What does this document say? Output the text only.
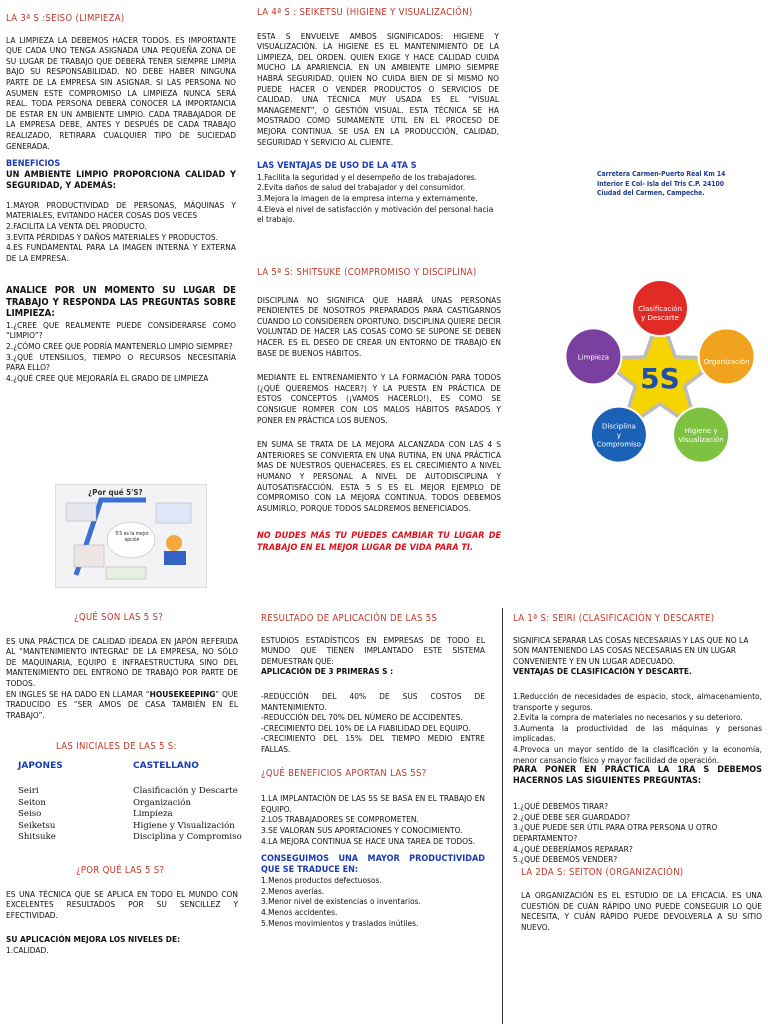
LA 3ª S :SEISO (LIMPIEZA)

LA LIMPIEZA LA DEBEMOS HACER TODOS. ES IMPORTANTE QUE CADA UNO TENGA ASIGNADA UNA PEQUEÑA ZONA DE SU LUGAR DE TRABAJO QUE DEBERÁ TENER SIEMPRE LIMPIA BAJO SU RESPONSABILIDAD. NO DEBE HABER NINGUNA PARTE DE LA EMPRESA SIN ASIGNAR. SI LAS PERSONA NO ASUMEN ESTE COMPROMISO LA LIMPIEZA NUNCA SERÁ REAL. TODA PERSONA DEBERÁ CONOCER LA IMPORTANCIA DE ESTAR EN UN AMBIENTE LIMPIO. CADA TRABAJADOR DE LA EMPRESA DEBE, ANTES Y DESPUÉS DE CADA TRABAJO REALIZADO, RETIRARA CUALQUIER TIPO DE SUCIEDAD GENERADA.

BENEFICIOS

UN AMBIENTE LIMPIO PROPORCIONA CALIDAD Y SEGURIDAD, Y ADEMÁS:

1.MAYOR PRODUCTIVIDAD DE PERSONAS, MÁQUINAS Y MATERIALES, EVITANDO HACER COSAS DOS VECES

2.FACILITA LA VENTA DEL PRODUCTO.

3.EVITA PÉRDIDAS Y DAÑOS MATERIALES Y PRODUCTOS.

4.ES FUNDAMENTAL PARA LA IMAGEN INTERNA Y EXTERNA DE LA EMPRESA.

ANALICE POR UN MOMENTO SU LUGAR DE TRABAJO Y RESPONDA LAS PREGUNTAS SOBRE LIMPIEZA:

1.¿CREE QUE REALMENTE PUEDE CONSIDERARSE COMO “LIMPIO”?

2.¿CÓMO CREE QUE PODRÍA MANTENERLO LIMPIO SIEMPRE?

3.¿QUÉ UTENSILIOS, TIEMPO O RECURSOS NECESITARÍA PARA ELLO?

4.¿QUÉ CREE QUE MEJORARÍA EL GRADO DE LIMPIEZA

¿Por qué 5'S?
5'S es la mejor opción
LA 4ª S : SEIKETSU (HIGIENE Y VISUALIZACIÓN)

ESTA S ENVUELVE AMBOS SIGNIFICADOS: HIGIENE Y VISUALIZACIÓN. LA HIGIENE ES EL MANTENIMIENTO DE LA LIMPIEZA, DEL ORDEN. QUIEN EXIGE Y HACE CALIDAD CUIDA MUCHO LA APARIENCIA. EN UN AMBIENTE LIMPIO SIEMPRE HABRÁ SEGURIDAD. QUIEN NO CUIDA BIEN DE SÍ MISMO NO PUEDE HACER O VENDER PRODUCTOS O SERVICIOS DE CALIDAD. UNA TÉCNICA MUY USADA ES EL “VISUAL MANAGEMENT”, O GESTIÓN VISUAL. ESTA TÉCNICA SE HA MOSTRADO COMO SUMAMENTE ÚTIL EN EL PROCESO DE MEJORA CONTINUA. SE USA EN LA PRODUCCIÓN, CALIDAD, SEGURIDAD Y SERVICIO AL CLIENTE.

LAS VENTAJAS DE USO DE LA 4TA S

1.Facilita la seguridad y el desempeño de los trabajadores.

2.Evita daños de salud del trabajador y del consumidor.

3.Mejora la imagen de la empresa interna y externamente.

4.Eleva el nivel de satisfacción y motivación del personal hacia el trabajo.

LA 5ª S: SHITSUKE (COMPROMISO Y DISCIPLINA)

DISCIPLINA NO SIGNIFICA QUE HABRÁ UNAS PERSONAS PENDIENTES DE NOSOTROS PREPARADOS PARA CASTIGARNOS CUANDO LO CONSIDEREN OPORTUNO. DISCIPLINA QUIERE DECIR VOLUNTAD DE HACER LAS COSAS COMO SE SUPONE SE DEBEN HACER. ES EL DESEO DE CREAR UN ENTORNO DE TRABAJO EN BASE DE BUENOS HÁBITOS.

MEDIANTE EL ENTRENAMIENTO Y LA FORMACIÓN PARA TODOS (¿QUÉ QUEREMOS HACER?) Y LA PUESTA EN PRÁCTICA DE ESTOS CONCEPTOS (¡VAMOS HACERLO!), ES COMO SE CONSIGUE ROMPER CON LOS MALOS HÁBITOS PASADOS Y PONER EN PRÁCTICA LOS BUENOS.

EN SUMA SE TRATA DE LA MEJORA ALCANZADA CON LAS 4 S ANTERIORES SE CONVIERTA EN UNA RUTINA, EN UNA PRÁCTICA MAS DE NUESTROS QUEHACERES. ES EL CRECIMIENTO A NIVEL HUMANO Y PERSONAL A NIVEL DE AUTODISCIPLINA Y AUTOSATISFACCIÓN. ESTA 5 S ES EL MEJOR EJEMPLO DE COMPROMISO CON LA MEJORA CONTINUA. TODOS DEBEMOS ASUMIRLO, PORQUE TODOS SALDREMOS BENEFICIADOS.

NO DUDES MÁS TU PUEDES CAMBIAR TU LUGAR DE TRABAJO EN EL MEJOR LUGAR DE VIDA PARA TI.

Carretera Carmen-Puerto Real Km 14
Interior E Col- Isla del Tris C.P. 24100
Ciudad del Carmen, Campeche.
5S
Clasificación
y Descarte
Organización
Higiene y
Visualización
Disciplina
y
Compromiso
Limpieza
¿QUÉ SON LAS 5 S?

ES UNA PRÁCTICA DE CALIDAD IDEADA EN JAPÓN REFERIDA AL “MANTENIMIENTO INTEGRAL” DE LA EMPRESA, NO SÓLO DE MAQUINARIA, EQUIPO E INFRAESTRUCTURA SINO DEL MANTENIMIENTO DEL ENTRONO DE TRABAJO POR PARTE DE TODOS.

EN INGLES SE HA DADO EN LLAMAR “HOUSEKEEPING” QUE TRADUCIDO ES “SER AMOS DE CASA TAMBIÉN EN EL TRABAJO”.

LAS INICIALES DE LAS 5 S:
JAPONES	CASTELLANO
Seiri	Clasificación y Descarte
Seiton	Organización
Seiso	Limpieza
Seiketsu	Higiene y Visualización
Shitsuke	Disciplina y Compromiso
¿POR QUÉ LAS 5 S?

ES UNA TÉCNICA QUE SE APLICA EN TODO EL MUNDO CON EXCELENTES RESULTADOS POR SU SENCILLEZ Y EFECTIVIDAD.

SU APLICACIÓN MEJORA LOS NIVELES DE:

1.CALIDAD.

RESULTADO DE APLICACIÓN DE LAS 5S

ESTUDIOS ESTADÍSTICOS EN EMPRESAS DE TODO EL MUNDO QUE TIENEN IMPLANTADO ESTE SISTEMA DEMUESTRAN QUE:

APLICACIÓN DE 3 PRIMERAS S :

-REDUCCIÓN DEL 40% DE SUS COSTOS DE MANTENIMIENTO.

-REDUCCIÓN DEL 70% DEL NÚMERO DE ACCIDENTES.

-CRECIMIENTO DEL 10% DE LA FIABILIDAD DEL EQUIPO.

-CRECIMIENTO DEL 15% DEL TIEMPO MEDIO ENTRE FALLAS.

¿QUÉ BENEFICIOS APORTAN LAS 5S?

1.LA IMPLANTACIÓN DE LAS 5S SE BASA EN EL TRABAJO EN EQUIPO.

2.LOS TRABAJADORES SE COMPROMETEN.

3.SE VALORAN SUS APORTACIONES Y CONOCIMIENTO.

4.LA MEJORA CONTINUA SE HACE UNA TAREA DE TODOS.

CONSEGUIMOS UNA MAYOR PRODUCTIVIDAD QUE SE TRADUCE EN:

1.Menos productos defectuosos.

2.Menos averías.

3.Menor nivel de existencias o inventarios.

4.Menos accidentes.

5.Menos movimientos y traslados inútiles.

LA 1ª S: SEIRI (CLASIFICACIÓN Y DESCARTE)

SIGNIFICA SEPARAR LAS COSAS NECESARIAS Y LAS QUE NO LA SON MANTENIENDO LAS COSAS NECESARIAS EN UN LUGAR CONVENIENTE Y EN UN LUGAR ADECUADO.

VENTAJAS DE CLASIFICACIÓN Y DESCARTE.

1.Reducción de necesidades de espacio, stock, almacenamiento, transporte y seguros.

2.Evita la compra de materiales no necesarios y su deterioro.

3.Aumenta la productividad de las máquinas y personas implicadas.

4.Provoca un mayor sentido de la clasificación y la economía, menor cansancio físico y mayor facilidad de operación.

PARA PONER EN PRÁCTICA LA 1RA S DEBEMOS HACERNOS LAS SIGUIENTES PREGUNTAS:

1.¿QUÉ DEBEMOS TIRAR?

2.¿QUÉ DEBE SER GUARDADO?

3.¿QUÉ PUEDE SER ÚTIL PARA OTRA PERSONA U OTRO DEPARTAMENTO?

4.¿QUÉ DEBERÍAMOS REPARAR?

5.¿QUÉ DEBEMOS VENDER?

LA 2DA S: SEITON (ORGANIZACIÓN)

LA ORGANIZACIÓN ES EL ESTUDIO DE LA EFICACIA. ES UNA CUESTIÓN DE CUÁN RÁPIDO UNO PUEDE CONSEGUIR LO QUE NECESITA, Y CUÁN RÁPIDO PUEDE DEVOLVERLA A SU SITIO NUEVO.
